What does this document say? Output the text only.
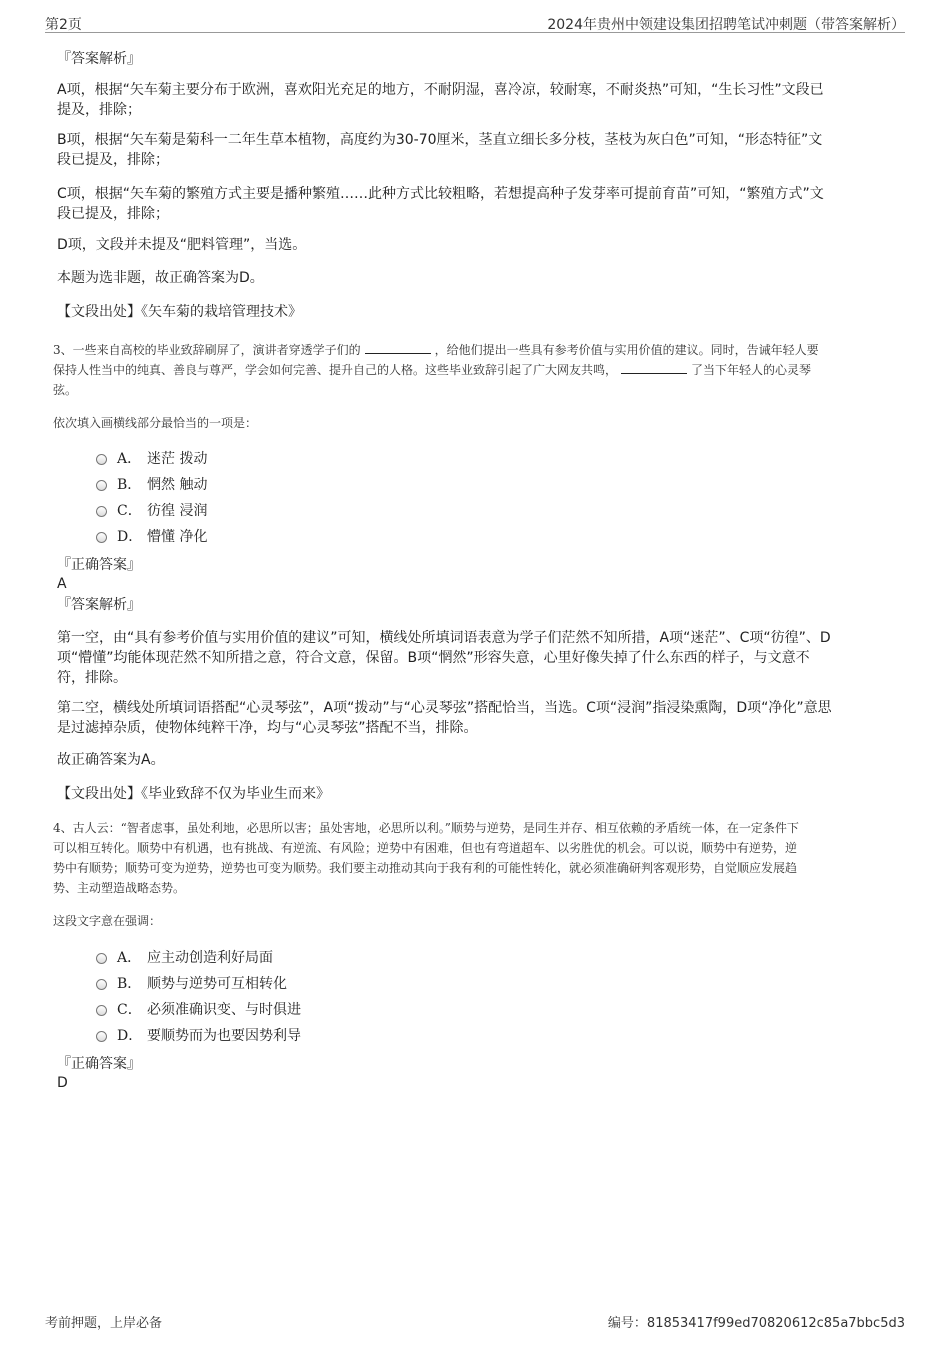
第2页	2024年贵州中领建设集团招聘笔试冲刺题（带答案解析）
『答案解析』
A项，根据“矢车菊主要分布于欧洲，喜欢阳光充足的地方，不耐阴湿，喜冷凉，较耐寒，不耐炎热”可知，“生长习性”文段已
提及，排除；
B项，根据“矢车菊是菊科一二年生草本植物，高度约为30-70厘米，茎直立细长多分枝，茎枝为灰白色”可知，“形态特征”文
段已提及，排除；
C项，根据“矢车菊的繁殖方式主要是播种繁殖……此种方式比较粗略，若想提高种子发芽率可提前育苗”可知，“繁殖方式”文
段已提及，排除；
D项，文段并未提及“肥料管理”，当选。
本题为选非题，故正确答案为D。
【文段出处】《矢车菊的栽培管理技术》
3、一些来自高校的毕业致辞刷屏了，演讲者穿透学子们的	，给他们提出一些具有参考价值与实用价值的建议。同时，告诫年轻人要
保持人性当中的纯真、善良与尊严，学会如何完善、提升自己的人格。这些毕业致辞引起了广大网友共鸣，	了当下年轻人的心灵琴
弦。
依次填入画横线部分最恰当的一项是：
A． 迷茫 拨动
B． 惘然 触动
C． 彷徨 浸润
D． 懵懂 净化
『正确答案』
A
『答案解析』
第一空，由“具有参考价值与实用价值的建议”可知，横线处所填词语表意为学子们茫然不知所措，A项“迷茫”、C项“彷徨”、D
项“懵懂”均能体现茫然不知所措之意，符合文意，保留。B项“惘然”形容失意，心里好像失掉了什么东西的样子，与文意不
符，排除。
第二空，横线处所填词语搭配“心灵琴弦”，A项“拨动”与“心灵琴弦”搭配恰当，当选。C项“浸润”指浸染熏陶，D项“净化”意思
是过滤掉杂质，使物体纯粹干净，均与“心灵琴弦”搭配不当，排除。
故正确答案为A。
【文段出处】《毕业致辞不仅为毕业生而来》
4、古人云：“智者虑事，虽处利地，必思所以害；虽处害地，必思所以利。”顺势与逆势，是同生并存、相互依赖的矛盾统一体，在一定条件下
可以相互转化。顺势中有机遇，也有挑战、有逆流、有风险；逆势中有困难，但也有弯道超车、以劣胜优的机会。可以说，顺势中有逆势，逆
势中有顺势；顺势可变为逆势，逆势也可变为顺势。我们要主动推动其向于我有利的可能性转化，就必须准确研判客观形势，自觉顺应发展趋
势、主动塑造战略态势。
这段文字意在强调：
A． 应主动创造利好局面
B． 顺势与逆势可互相转化
C． 必须准确识变、与时俱进
D． 要顺势而为也要因势利导
『正确答案』
D
考前押题，上岸必备	编号：81853417f99ed70820612c85a7bbc5d3
